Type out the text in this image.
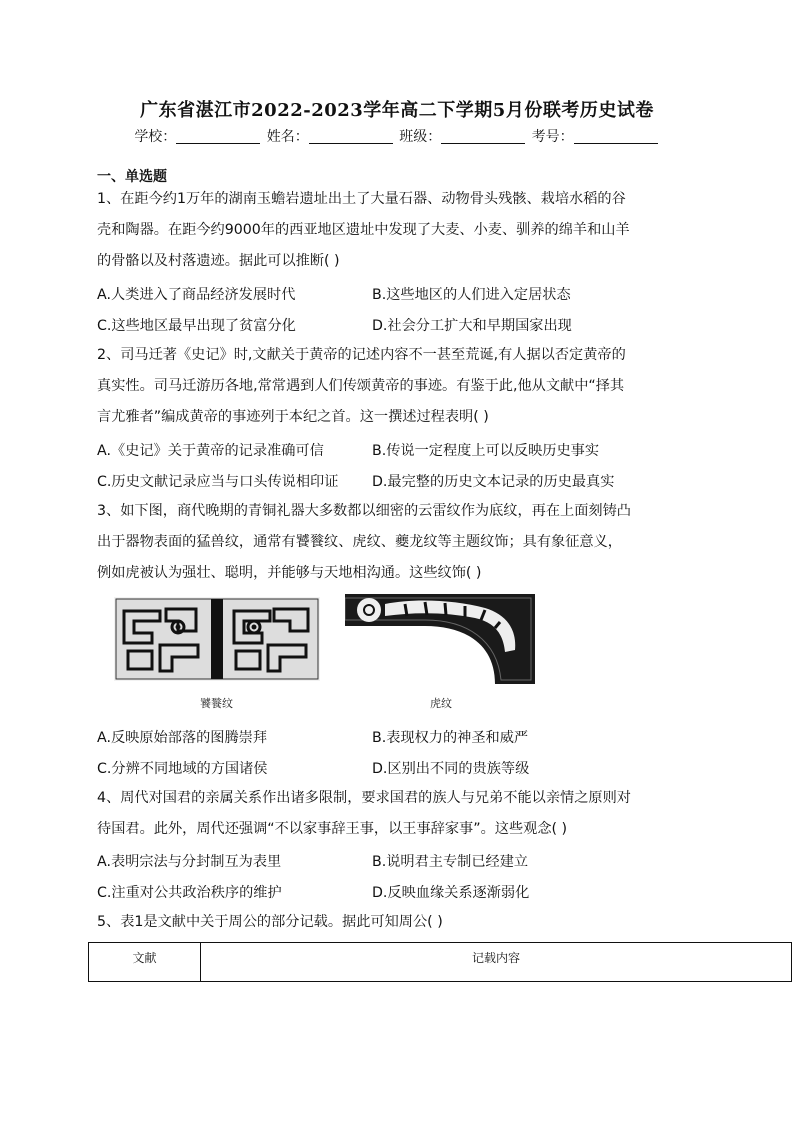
广东省湛江市2022-2023学年高二下学期5月份联考历史试卷
学校：	姓名：	班级：	考号：
一、单选题
1、在距今约1万年的湖南玉蟾岩遗址出土了大量石器、动物骨头残骸、栽培水稻的谷
壳和陶器。在距今约9000年的西亚地区遗址中发现了大麦、小麦、驯养的绵羊和山羊
的骨骼以及村落遗迹。据此可以推断( )
A.人类进入了商品经济发展时代	B.这些地区的人们进入定居状态
C.这些地区最早出现了贫富分化	D.社会分工扩大和早期国家出现
2、司马迁著《史记》时,文献关于黄帝的记述内容不一甚至荒诞,有人据以否定黄帝的
真实性。司马迁游历各地,常常遇到人们传颂黄帝的事迹。有鉴于此,他从文献中“择其
言尤雅者”编成黄帝的事迹列于本纪之首。这一撰述过程表明( )
A.《史记》关于黄帝的记录准确可信	B.传说一定程度上可以反映历史事实
C.历史文献记录应当与口头传说相印证 D.最完整的历史文本记录的历史最真实
3、如下图，商代晚期的青铜礼器大多数都以细密的云雷纹作为底纹，再在上面刻铸凸
出于器物表面的猛兽纹，通常有饕餮纹、虎纹、夔龙纹等主题纹饰；具有象征意义，
例如虎被认为强壮、聪明，并能够与天地相沟通。这些纹饰( )
饕餮纹	虎纹
A.反映原始部落的图腾崇拜	B.表现权力的神圣和威严
C.分辨不同地域的方国诸侯	D.区别出不同的贵族等级
4、周代对国君的亲属关系作出诸多限制，要求国君的族人与兄弟不能以亲情之原则对
待国君。此外，周代还强调“不以家事辞王事，以王事辞家事”。这些观念( )
A.表明宗法与分封制互为表里	B.说明君主专制已经建立
C.注重对公共政治秩序的维护	D.反映血缘关系逐渐弱化
5、表1是文献中关于周公的部分记载。据此可知周公( )
文献	记载内容
